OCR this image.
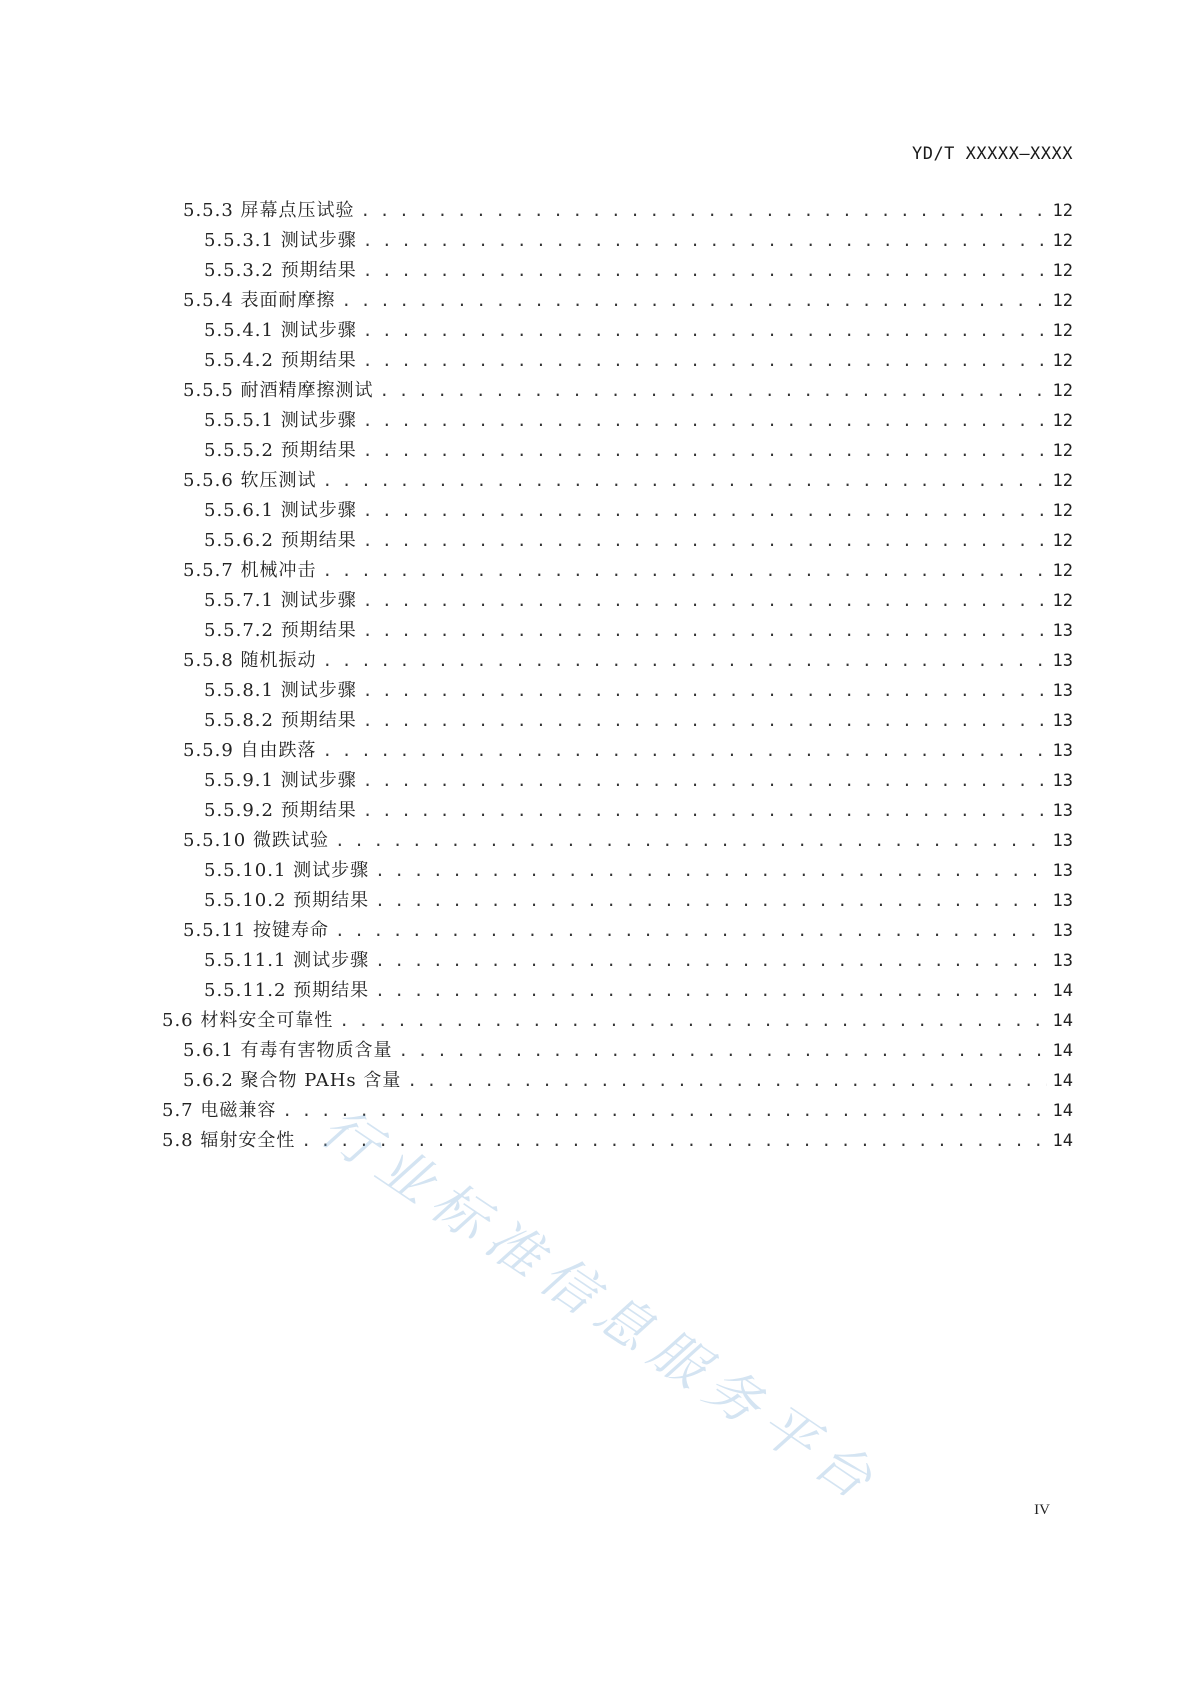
YD/T XXXXX—XXXX
5.5.3 屏幕点压试验 . . .	12
5.5.3.1 测试步骤 . . .	12
5.5.3.2 预期结果 . . .	12
5.5.4 表面耐摩擦 . . .	12
5.5.4.1 测试步骤 . . .	12
5.5.4.2 预期结果 . . .	12
5.5.5 耐酒精摩擦测试 . . .	12
5.5.5.1 测试步骤 . . .	12
5.5.5.2 预期结果 . . .	12
5.5.6 软压测试 . . .	12
5.5.6.1 测试步骤 . . .	12
5.5.6.2 预期结果 . . .	12
5.5.7 机械冲击 . . .	12
5.5.7.1 测试步骤 . . .	12
5.5.7.2 预期结果 . . .	13
5.5.8 随机振动 . . .	13
5.5.8.1 测试步骤 . . .	13
5.5.8.2 预期结果 . . .	13
5.5.9 自由跌落 . . .	13
5.5.9.1 测试步骤 . . .	13
5.5.9.2 预期结果 . . .	13
5.5.10 微跌试验 . . .	13
5.5.10.1 测试步骤 . . .	13
5.5.10.2 预期结果 . . .	13
5.5.11 按键寿命 . . .	13
5.5.11.1 测试步骤 . . .	13
5.5.11.2 预期结果 . . .	14
5.6 材料安全可靠性 . . .	14
5.6.1 有毒有害物质含量 . . .	14
5.6.2 聚合物 PAHs 含量 . . .	14
5.7 电磁兼容 . . .	14
5.8 辐射安全性 . . .	14
行业标准信息服务平台	IV
